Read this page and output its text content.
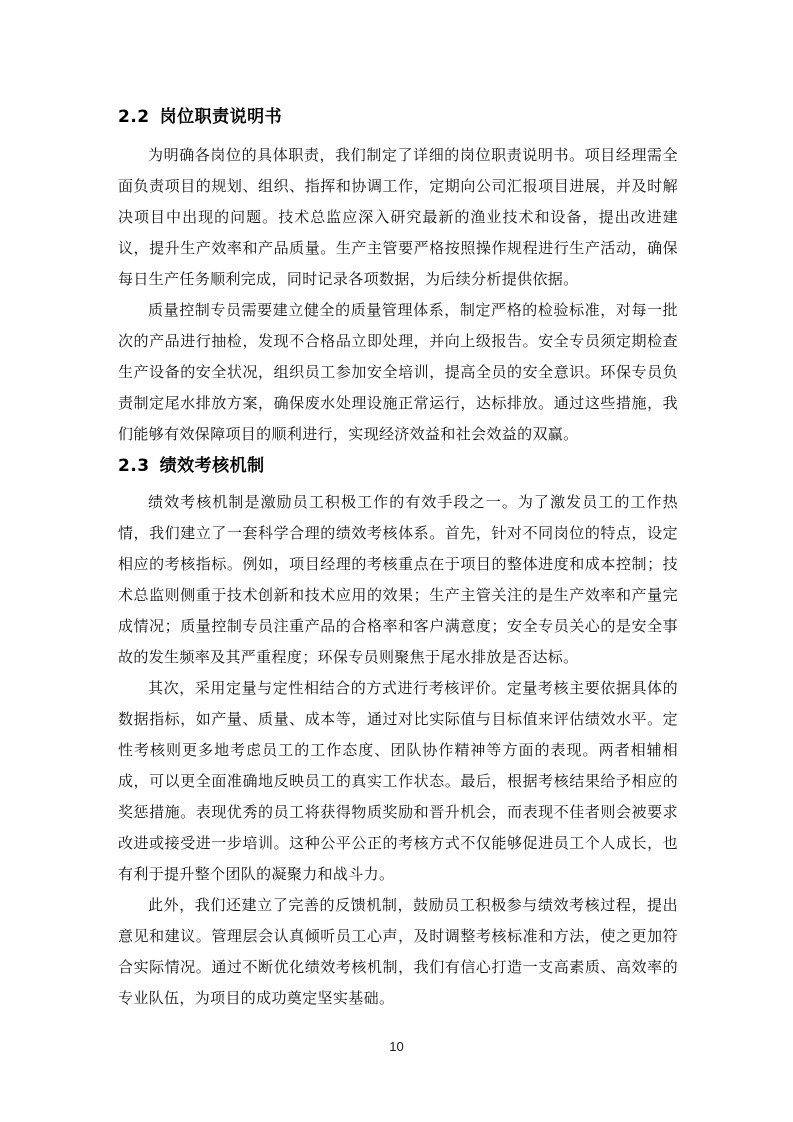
2.2 岗位职责说明书

为明确各岗位的具体职责，我们制定了详细的岗位职责说明书。项目经理需全面负责项目的规划、组织、指挥和协调工作，定期向公司汇报项目进展，并及时解决项目中出现的问题。技术总监应深入研究最新的渔业技术和设备，提出改进建议，提升生产效率和产品质量。生产主管要严格按照操作规程进行生产活动，确保每日生产任务顺利完成，同时记录各项数据，为后续分析提供依据。

质量控制专员需要建立健全的质量管理体系，制定严格的检验标准，对每一批次的产品进行抽检，发现不合格品立即处理，并向上级报告。安全专员须定期检查生产设备的安全状况，组织员工参加安全培训，提高全员的安全意识。环保专员负责制定尾水排放方案，确保废水处理设施正常运行，达标排放。通过这些措施，我们能够有效保障项目的顺利进行，实现经济效益和社会效益的双赢。

2.3 绩效考核机制

绩效考核机制是激励员工积极工作的有效手段之一。为了激发员工的工作热情，我们建立了一套科学合理的绩效考核体系。首先，针对不同岗位的特点，设定相应的考核指标。例如，项目经理的考核重点在于项目的整体进度和成本控制；技术总监则侧重于技术创新和技术应用的效果；生产主管关注的是生产效率和产量完成情况；质量控制专员注重产品的合格率和客户满意度；安全专员关心的是安全事故的发生频率及其严重程度；环保专员则聚焦于尾水排放是否达标。

其次，采用定量与定性相结合的方式进行考核评价。定量考核主要依据具体的数据指标，如产量、质量、成本等，通过对比实际值与目标值来评估绩效水平。定性考核则更多地考虑员工的工作态度、团队协作精神等方面的表现。两者相辅相成，可以更全面准确地反映员工的真实工作状态。最后，根据考核结果给予相应的奖惩措施。表现优秀的员工将获得物质奖励和晋升机会，而表现不佳者则会被要求改进或接受进一步培训。这种公平公正的考核方式不仅能够促进员工个人成长，也有利于提升整个团队的凝聚力和战斗力。

此外，我们还建立了完善的反馈机制，鼓励员工积极参与绩效考核过程，提出意见和建议。管理层会认真倾听员工心声，及时调整考核标准和方法，使之更加符合实际情况。通过不断优化绩效考核机制，我们有信心打造一支高素质、高效率的专业队伍，为项目的成功奠定坚实基础。

10
